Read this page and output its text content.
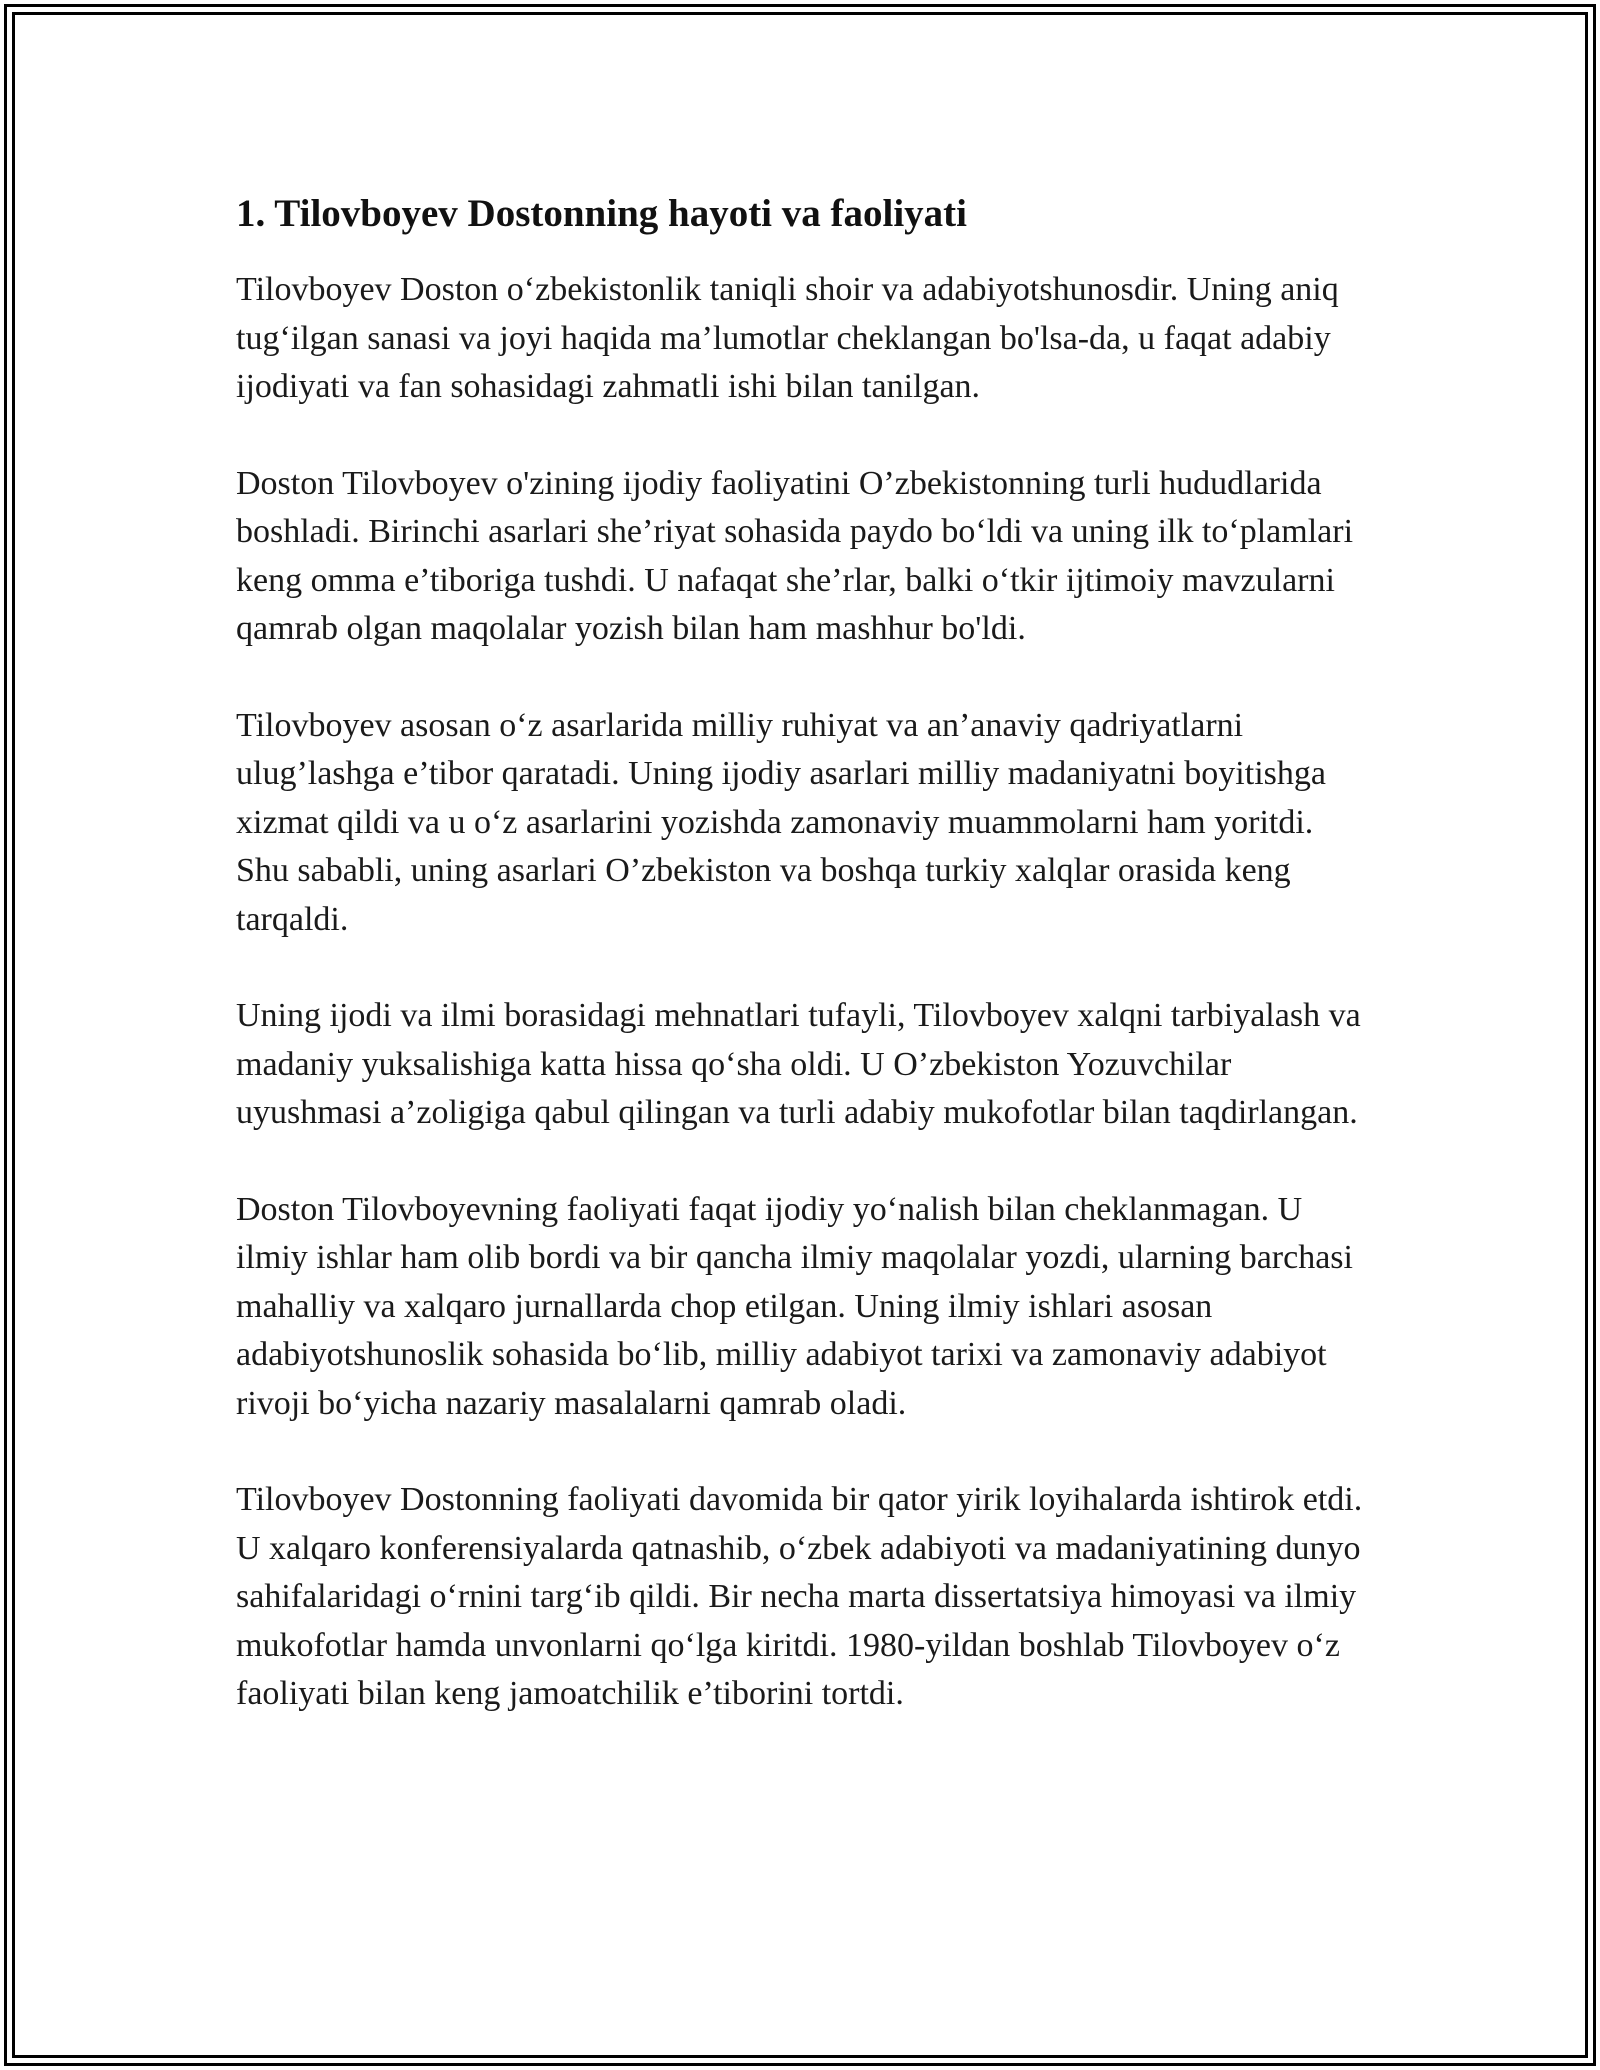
1. Tilovboyev Dostonning hayoti va faoliyati

Tilovboyev Doston o‘zbekistonlik taniqli shoir va adabiyotshunosdir. Uning aniq tug‘ilgan sanasi va joyi haqida ma’lumotlar cheklangan bo'lsa-da, u faqat adabiy ijodiyati va fan sohasidagi zahmatli ishi bilan tanilgan.

Doston Tilovboyev o'zining ijodiy faoliyatini O’zbekistonning turli hududlarida boshladi. Birinchi asarlari she’riyat sohasida paydo bo‘ldi va uning ilk to‘plamlari keng omma e’tiboriga tushdi. U nafaqat she’rlar, balki o‘tkir ijtimoiy mavzularni qamrab olgan maqolalar yozish bilan ham mashhur bo'ldi.

Tilovboyev asosan o‘z asarlarida milliy ruhiyat va an’anaviy qadriyatlarni ulug’lashga e’tibor qaratadi. Uning ijodiy asarlari milliy madaniyatni boyitishga xizmat qildi va u o‘z asarlarini yozishda zamonaviy muammolarni ham yoritdi. Shu sababli, uning asarlari O’zbekiston va boshqa turkiy xalqlar orasida keng tarqaldi.

Uning ijodi va ilmi borasidagi mehnatlari tufayli, Tilovboyev xalqni tarbiyalash va madaniy yuksalishiga katta hissa qo‘sha oldi. U O’zbekiston Yozuvchilar uyushmasi a’zoligiga qabul qilingan va turli adabiy mukofotlar bilan taqdirlangan.

Doston Tilovboyevning faoliyati faqat ijodiy yo‘nalish bilan cheklanmagan. U ilmiy ishlar ham olib bordi va bir qancha ilmiy maqolalar yozdi, ularning barchasi mahalliy va xalqaro jurnallarda chop etilgan. Uning ilmiy ishlari asosan adabiyotshunoslik sohasida bo‘lib, milliy adabiyot tarixi va zamonaviy adabiyot rivoji bo‘yicha nazariy masalalarni qamrab oladi.

Tilovboyev Dostonning faoliyati davomida bir qator yirik loyihalarda ishtirok etdi. U xalqaro konferensiyalarda qatnashib, o‘zbek adabiyoti va madaniyatining dunyo sahifalaridagi o‘rnini targ‘ib qildi. Bir necha marta dissertatsiya himoyasi va ilmiy mukofotlar hamda unvonlarni qo‘lga kiritdi. 1980-yildan boshlab Tilovboyev o‘z faoliyati bilan keng jamoatchilik e’tiborini tortdi.
